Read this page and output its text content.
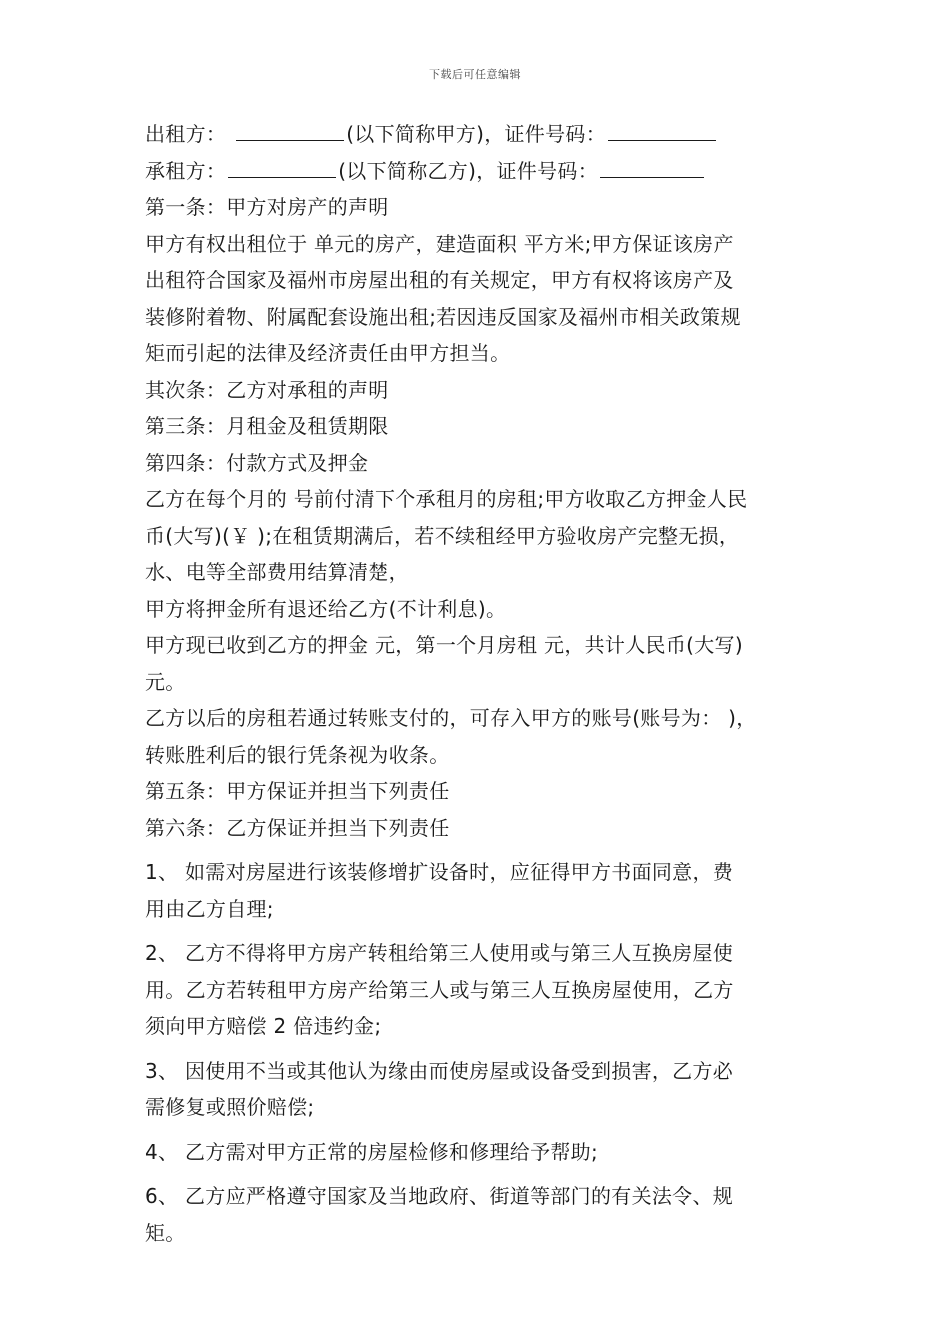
下载后可任意编辑
出租方：	(以下简称甲方)，证件号码：
承租方：	(以下简称乙方)，证件号码：
第一条：甲方对房产的声明
甲方有权出租位于 单元的房产，建造面积 平方米;甲方保证该房产
出租符合国家及福州市房屋出租的有关规定，甲方有权将该房产及
装修附着物、附属配套设施出租;若因违反国家及福州市相关政策规
矩而引起的法律及经济责任由甲方担当。
其次条：乙方对承租的声明
第三条：月租金及租赁期限
第四条：付款方式及押金
乙方在每个月的 号前付清下个承租月的房租;甲方收取乙方押金人民
币(大写)(￥ );在租赁期满后，若不续租经甲方验收房产完整无损，
水、电等全部费用结算清楚，
甲方将押金所有退还给乙方(不计利息)。
甲方现已收到乙方的押金 元，第一个月房租 元，共计人民币(大写)
元。
乙方以后的房租若通过转账支付的，可存入甲方的账号(账号为： )，
转账胜利后的银行凭条视为收条。
第五条：甲方保证并担当下列责任
第六条：乙方保证并担当下列责任
1、 如需对房屋进行该装修增扩设备时，应征得甲方书面同意，费
用由乙方自理;
2、 乙方不得将甲方房产转租给第三人使用或与第三人互换房屋使
用。乙方若转租甲方房产给第三人或与第三人互换房屋使用，乙方
须向甲方赔偿 2 倍违约金;
3、 因使用不当或其他认为缘由而使房屋或设备受到损害，乙方必
需修复或照价赔偿;
4、 乙方需对甲方正常的房屋检修和修理给予帮助;
6、 乙方应严格遵守国家及当地政府、街道等部门的有关法令、规
矩。
